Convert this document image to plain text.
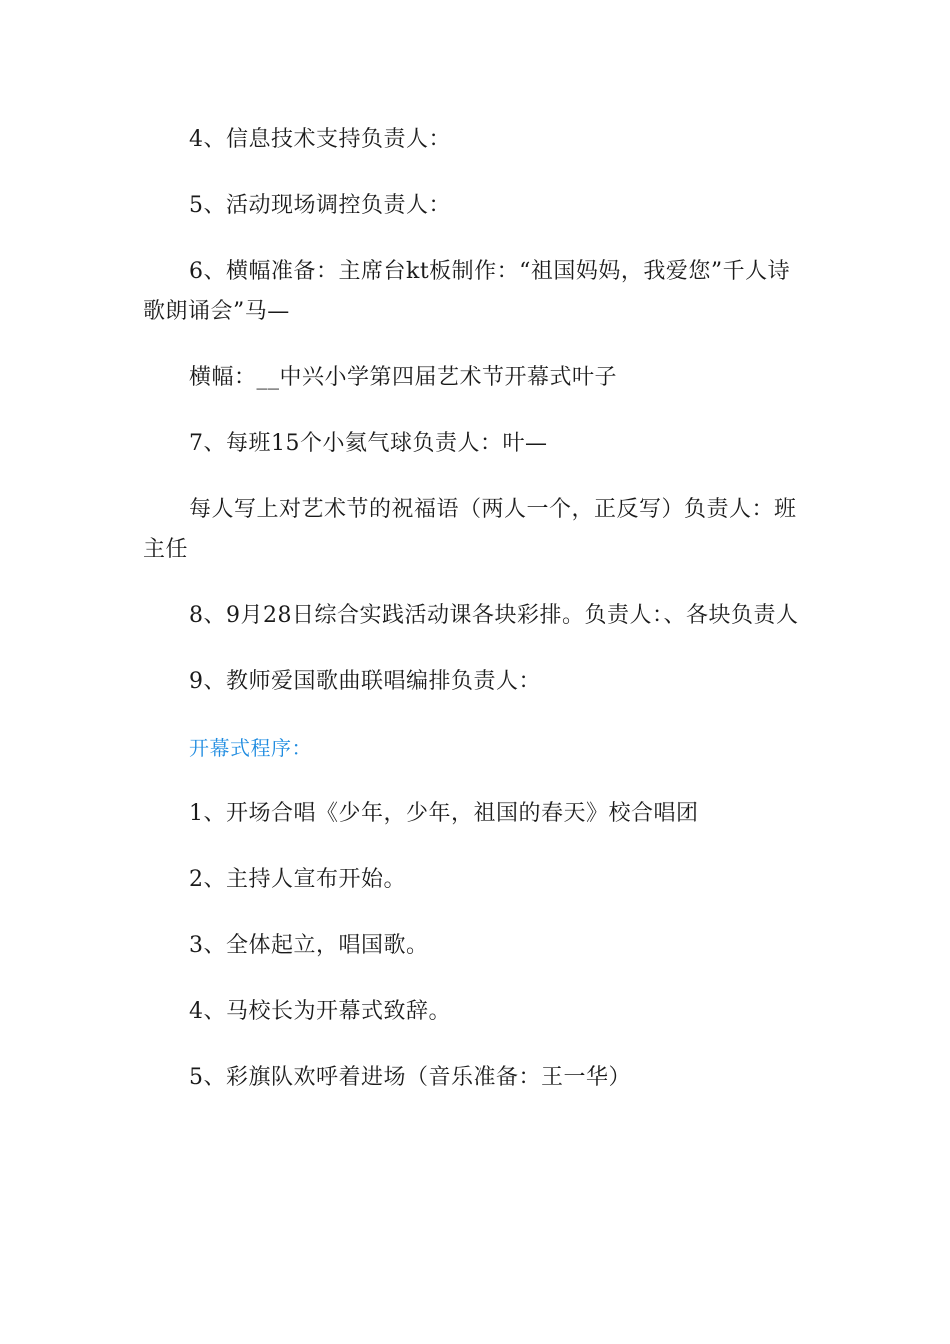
4、信息技术支持负责人：

5、活动现场调控负责人：

6、横幅准备：主席台kt板制作：“祖国妈妈，我爱您”千人诗歌朗诵会”马—

横幅：__中兴小学第四届艺术节开幕式叶子

7、每班15个小氦气球负责人：叶—

每人写上对艺术节的祝福语（两人一个，正反写）负责人：班主任

8、9月28日综合实践活动课各块彩排。负责人：、各块负责人

9、教师爱国歌曲联唱编排负责人：

开幕式程序：

1、开场合唱《少年，少年，祖国的春天》校合唱团

2、主持人宣布开始。

3、全体起立，唱国歌。

4、马校长为开幕式致辞。

5、彩旗队欢呼着进场（音乐准备：王一华）
